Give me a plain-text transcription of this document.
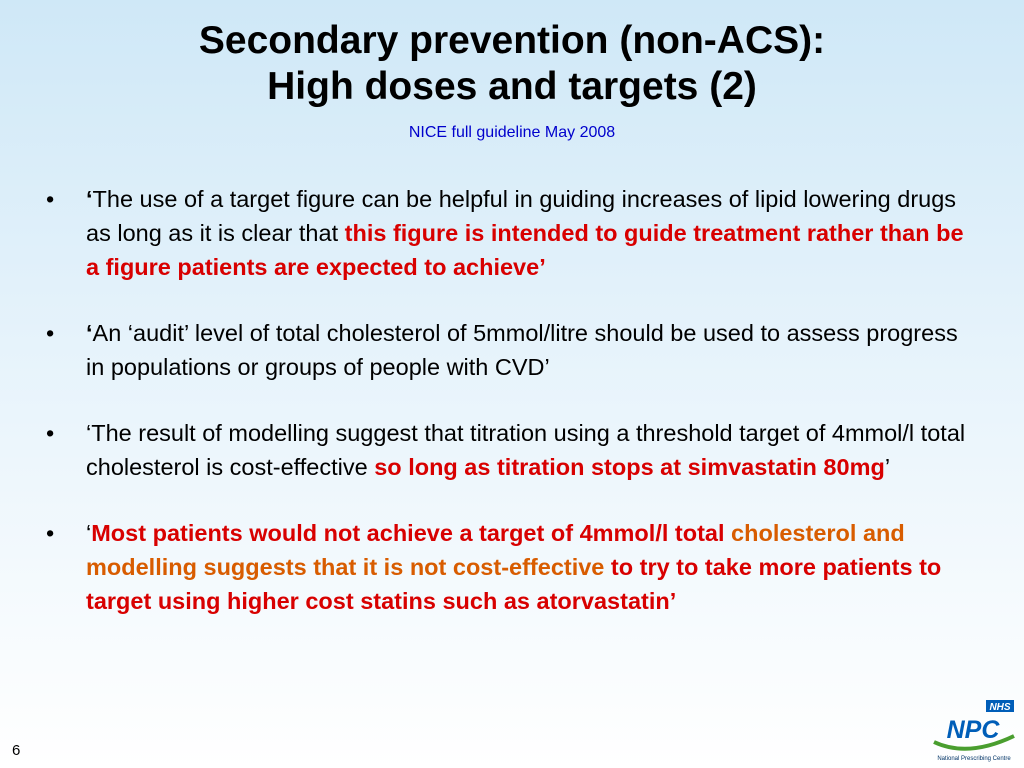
Secondary prevention (non-ACS):
High doses and targets (2)
NICE full guideline May 2008
•	‘The use of a target figure can be helpful in guiding increases of lipid lowering drugs as long as it is clear that this figure is intended to guide treatment rather than be a figure patients are expected to achieve’
•	‘An ‘audit’ level of total cholesterol of 5mmol/litre should be used to assess progress in populations or groups of people with CVD’
•	‘The result of modelling suggest that titration using a threshold target of 4mmol/l total cholesterol is cost-effective so long as titration stops at simvastatin 80mg’
•	‘Most patients would not achieve a target of 4mmol/l total cholesterol and modelling suggests that it is not cost-effective to try to take more patients to target using higher cost statins such as atorvastatin’
6
NHS
NPC
National Prescribing Centre
